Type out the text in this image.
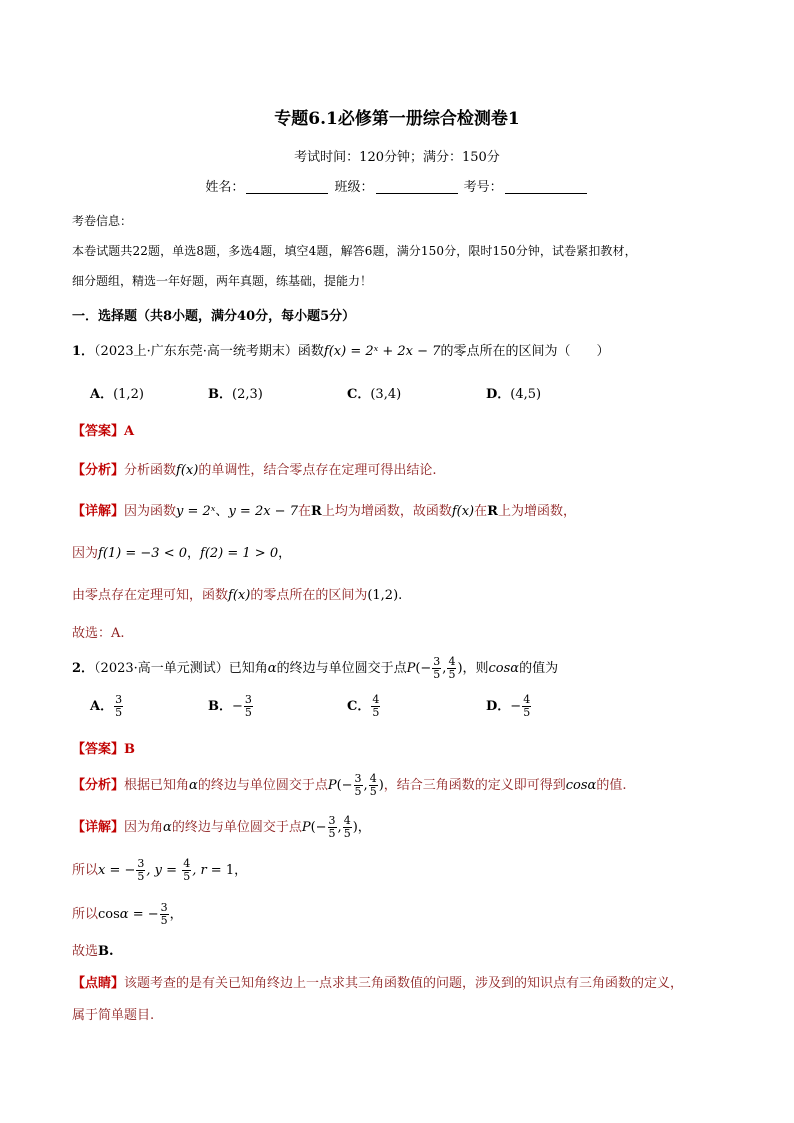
专题6.1必修第一册综合检测卷1
考试时间：120分钟；满分：150分
姓名：	班级：	考号：
考卷信息：
本卷试题共22题，单选8题，多选4题，填空4题，解答6题，满分150分，限时150分钟，试卷紧扣教材，
细分题组，精选一年好题，两年真题，练基础，提能力！
一．选择题（共8小题，满分40分，每小题5分）
1．（2023上·广东东莞·高一统考期末）函数f(x) = 2ˣ + 2x − 7的零点所在的区间为（　　）
A．(1,2)	B．(2,3)	C．(3,4)	D．(4,5)
【答案】A
【分析】分析函数f(x)的单调性，结合零点存在定理可得出结论.
【详解】因为函数y = 2ˣ、y = 2x − 7在R上均为增函数，故函数f(x)在R上为增函数，
因为f(1) = −3 < 0，f(2) = 1 > 0，
由零点存在定理可知，函数f(x)的零点所在的区间为(1,2).
故选：A.
2．（2023·高一单元测试）已知角α的终边与单位圆交于点$P(- \frac{3}{5}$ , $\frac{4}{5}$ )，则cosα的值为
A． $\frac{3}{5}$	B．− $\frac{3}{5}$	C． $\frac{4}{5}$	D．− $\frac{4}{5}$
【答案】B
【分析】根据已知角α的终边与单位圆交于点$P(- \frac{3}{5}$ , $\frac{4}{5}$ )，结合三角函数的定义即可得到cosα的值.
【详解】因为角α的终边与单位圆交于点$P(- \frac{3}{5}$ , $\frac{4}{5}$ )，
所以x = − $\frac{3}{5}$ , $y = \frac{4}{5}$ , r = 1，
所以cosα = − $\frac{3}{5}$ ，
故选B.
【点睛】该题考查的是有关已知角终边上一点求其三角函数值的问题，涉及到的知识点有三角函数的定义，
属于简单题目.
